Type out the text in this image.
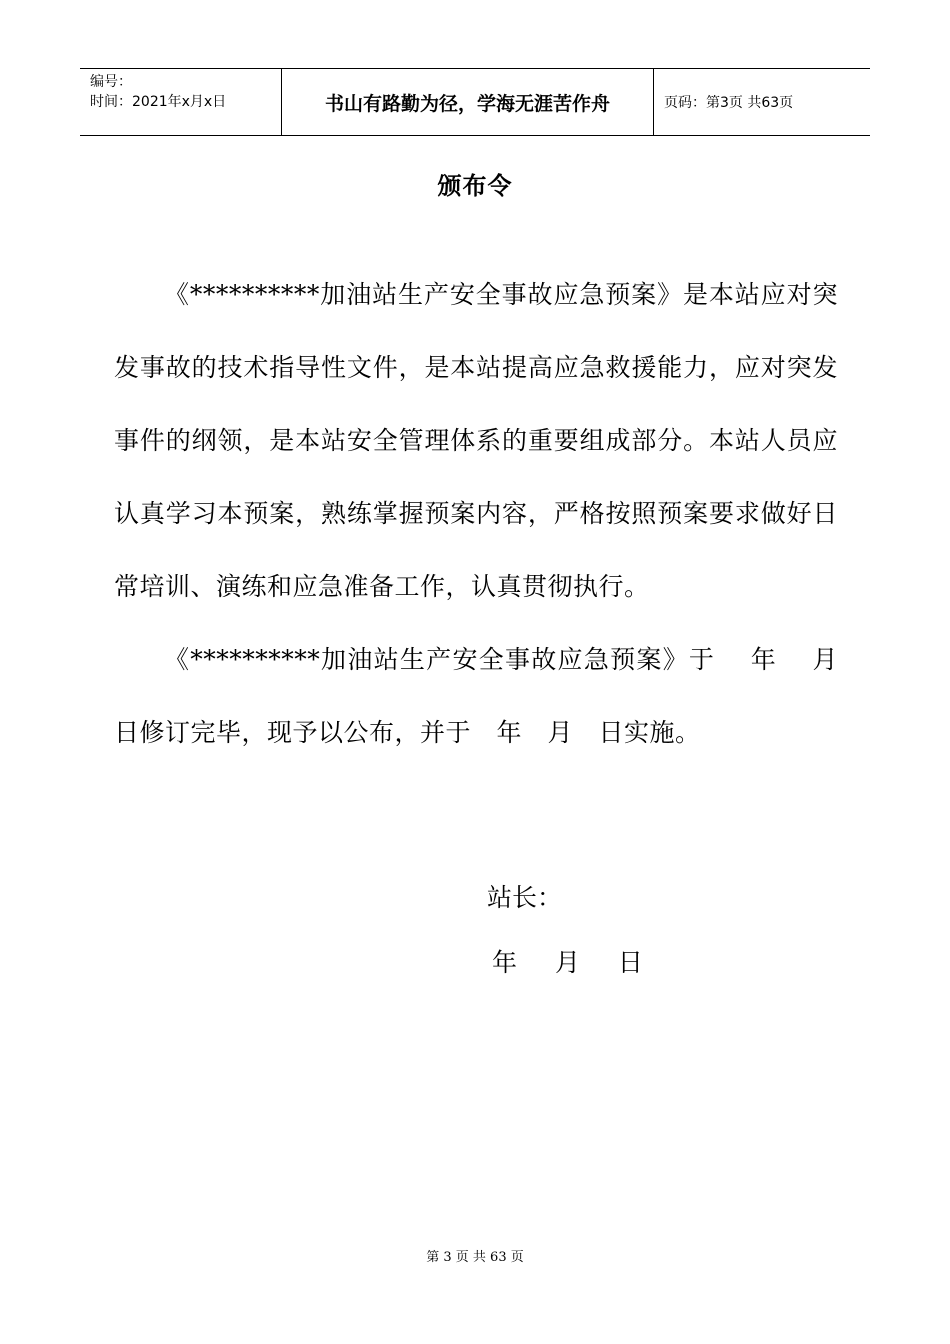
编号：
时间：2021年x月x日	书山有路勤为径，学海无涯苦作舟	页码：第3页 共63页
颁布令

《**********加油站生产安全事故应急预案》是本站应对突发事故的技术指导性文件，是本站提高应急救援能力，应对突发事件的纲领，是本站安全管理体系的重要组成部分。本站人员应认真学习本预案，熟练掌握预案内容，严格按照预案要求做好日常培训、演练和应急准备工作，认真贯彻执行。

《**********加油站生产安全事故应急预案》于　 年　 月　日修订完毕，现予以公布，并于　年　月　日实施。

站长：
年 月 日
第 3 页 共 63 页
